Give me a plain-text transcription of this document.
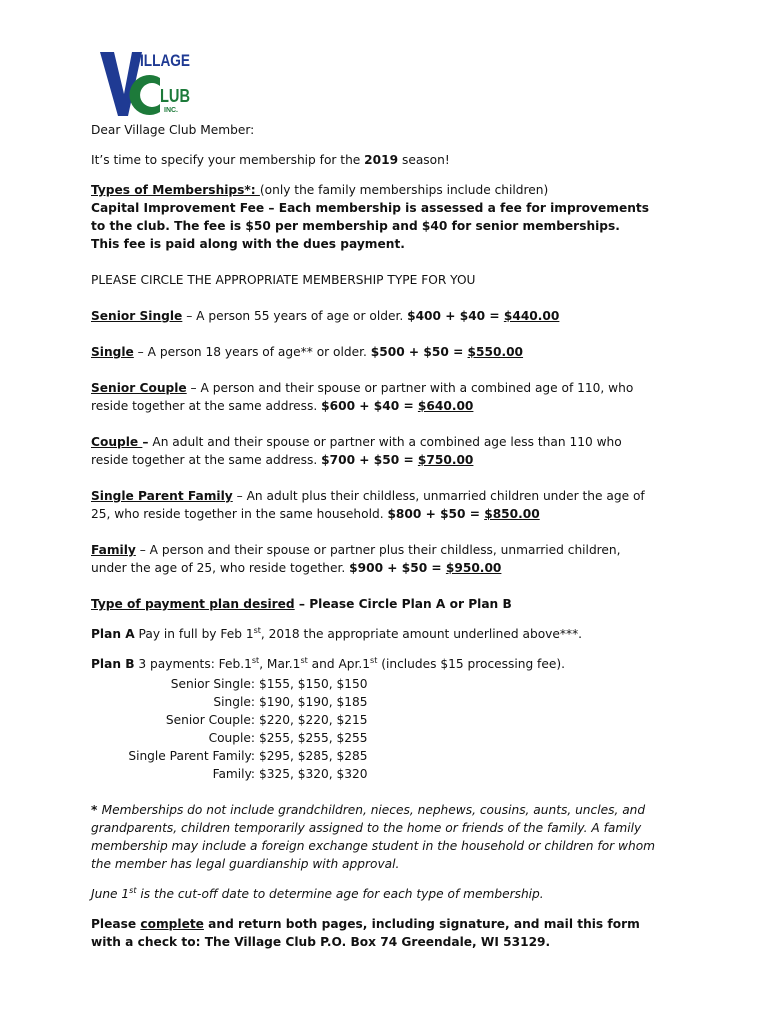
ILLAGE
LUB
INC.

Dear Village Club Member:

It’s time to specify your membership for the 2019 season!

Types of Memberships*: (only the family memberships include children)

Capital Improvement Fee – Each membership is assessed a fee for improvements

to the club. The fee is $50 per membership and $40 for senior memberships.

This fee is paid along with the dues payment.

PLEASE CIRCLE THE APPROPRIATE MEMBERSHIP TYPE FOR YOU

Senior Single – A person 55 years of age or older. $400 + $40 = $440.00

Single – A person 18 years of age** or older. $500 + $50 = $550.00

Senior Couple – A person and their spouse or partner with a combined age of 110, who

reside together at the same address. $600 + $40 = $640.00

Couple – An adult and their spouse or partner with a combined age less than 110 who

reside together at the same address. $700 + $50 = $750.00

Single Parent Family – An adult plus their childless, unmarried children under the age of

25, who reside together in the same household. $800 + $50 = $850.00

Family – A person and their spouse or partner plus their childless, unmarried children,

under the age of 25, who reside together. $900 + $50 = $950.00

Type of payment plan desired – Please Circle Plan A or Plan B

Plan A Pay in full by Feb 1st, 2018 the appropriate amount underlined above***.

Plan B 3 payments: Feb.1st, Mar.1st and Apr.1st (includes $15 processing fee).

Senior Single: $155, $150, $150
Single: $190, $190, $185
Senior Couple: $220, $220, $215
Couple: $255, $255, $255
Single Parent Family: $295, $285, $285
Family: $325, $320, $320

* Memberships do not include grandchildren, nieces, nephews, cousins, aunts, uncles, and

grandparents, children temporarily assigned to the home or friends of the family. A family

membership may include a foreign exchange student in the household or children for whom

the member has legal guardianship with approval.

June 1st is the cut-off date to determine age for each type of membership.

Please complete and return both pages, including signature, and mail this form

with a check to: The Village Club P.O. Box 74 Greendale, WI 53129.
